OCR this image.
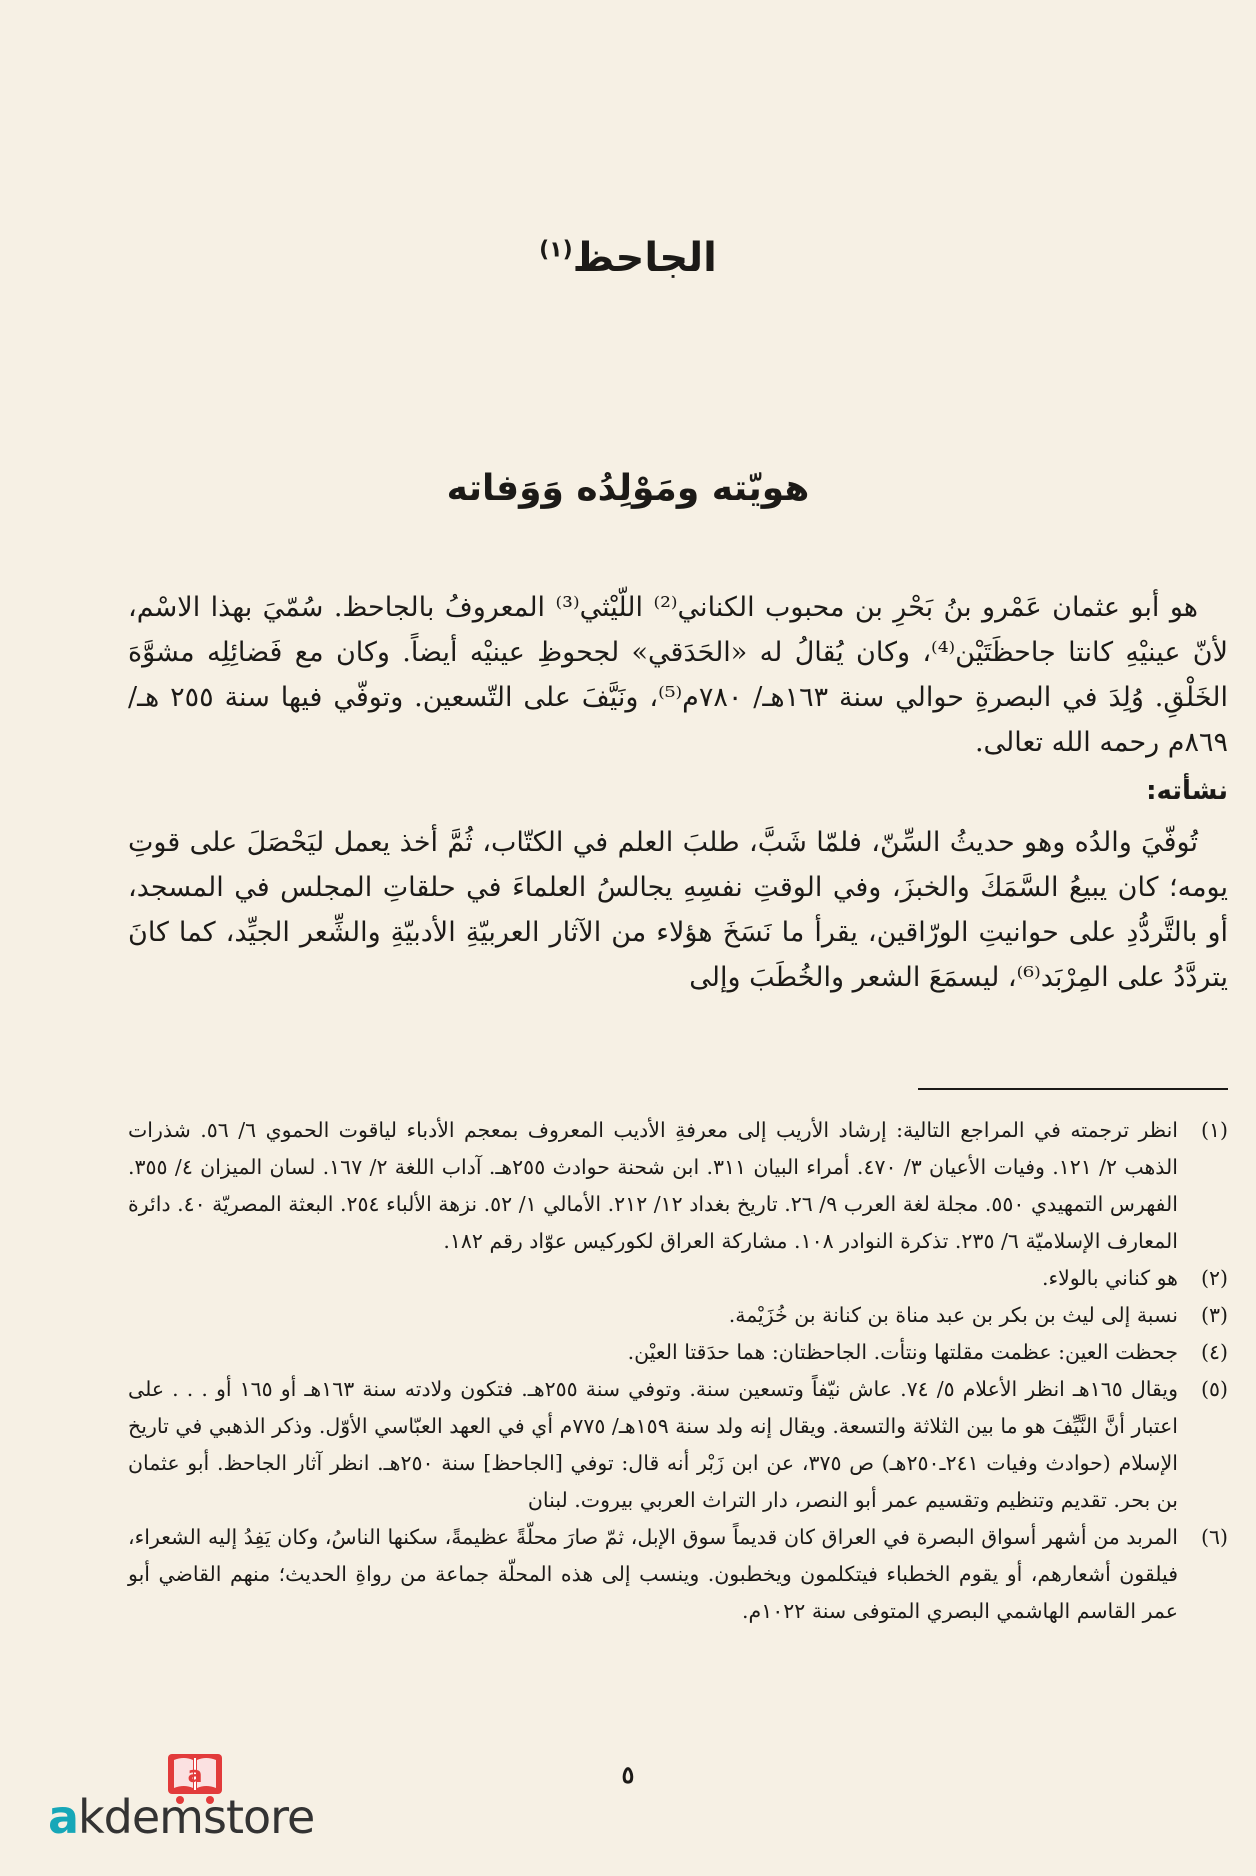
الجاحظ$^{(١)}$
هويّته ومَوْلِدُه وَوَفاته

هو أبو عثمان عَمْرو بنُ بَحْرِ بن محبوب الكناني⁽²⁾ اللّيْثي⁽³⁾ المعروفُ بالجاحظ. سُمّيَ بهذا الاسْم، لأنّ عينيْهِ كانتا جاحظَتَيْن⁽⁴⁾، وكان يُقالُ له «الحَدَقي» لجحوظِ عينيْه أيضاً. وكان مع فَضائِلِه مشوَّهَ الخَلْقِ. وُلِدَ في البصرةِ حوالي سنة ١٦٣هـ/ ٧٨٠م⁽⁵⁾، ونَيَّفَ على التّسعين. وتوفّي فيها سنة ٢٥٥ هـ/ ٨٦٩م رحمه الله تعالى.

نشأته:

تُوفّيَ والدُه وهو حديثُ السِّنّ، فلمّا شَبَّ، طلبَ العلم في الكتّاب، ثُمَّ أخذ يعمل ليَحْصَلَ على قوتِ يومه؛ كان يبيعُ السَّمَكَ والخبزَ، وفي الوقتِ نفسِهِ يجالسُ العلماءَ في حلقاتِ المجلس في المسجد، أو بالتَّردُّدِ على حوانيتِ الورّاقين، يقرأ ما نَسَخَ هؤلاء من الآثار العربيّةِ الأدبيّةِ والشِّعر الجيِّد، كما كانَ يتردَّدُ على المِرْبَد⁽⁶⁾، ليسمَعَ الشعر والخُطَبَ وإلى

(١)
انظر ترجمته في المراجع التالية: إرشاد الأريب إلى معرفةِ الأديب المعروف بمعجم الأدباء لياقوت الحموي ٦/ ٥٦. شذرات الذهب ٢/ ١٢١. وفيات الأعيان ٣/ ٤٧٠. أمراء البيان ٣١١. ابن شحنة حوادث ٢٥٥هـ. آداب اللغة ٢/ ١٦٧. لسان الميزان ٤/ ٣٥٥. الفهرس التمهيدي ٥٥٠. مجلة لغة العرب ٩/ ٢٦. تاريخ بغداد ١٢/ ٢١٢. الأمالي ١/ ٥٢. نزهة الألباء ٢٥٤. البعثة المصريّة ٤٠. دائرة المعارف الإسلاميّة ٦/ ٢٣٥. تذكرة النوادر ١٠٨. مشاركة العراق لكوركيس عوّاد رقم ١٨٢.
(٢)
هو كناني بالولاء.
(٣)
نسبة إلى ليث بن بكر بن عبد مناة بن كنانة بن خُزَيْمة.
(٤)
جحظت العين: عظمت مقلتها ونتأت. الجاحظتان: هما حدَقتا العيْن.
(٥)
ويقال ١٦٥هـ انظر الأعلام ٥/ ٧٤. عاش نيّفاً وتسعين سنة. وتوفي سنة ٢٥٥هـ. فتكون ولادته سنة ١٦٣هـ أو ١٦٥ أو . . . على اعتبار أنَّ النَّيِّفَ هو ما بين الثلاثة والتسعة. ويقال إنه ولد سنة ١٥٩هـ/ ٧٧٥م أي في العهد العبّاسي الأوّل. وذكر الذهبي في تاريخ الإسلام (حوادث وفيات ٢٤١ـ٢٥٠هـ) ص ٣٧٥، عن ابن زَبْر أنه قال: توفي [الجاحظ] سنة ٢٥٠هـ. انظر آثار الجاحظ. أبو عثمان بن بحر. تقديم وتنظيم وتقسيم عمر أبو النصر، دار التراث العربي بيروت. لبنان
(٦)
المربد من أشهر أسواق البصرة في العراق كان قديماً سوق الإبل، ثمّ صارَ محلّةً عظيمةً، سكنها الناسُ، وكان يَفِدُ إليه الشعراء، فيلقون أشعارهم، أو يقوم الخطباء فيتكلمون ويخطبون. وينسب إلى هذه المحلّة جماعة من رواةِ الحديث؛ منهم القاضي أبو عمر القاسم الهاشمي البصري المتوفى سنة ١٠٢٢م.
٥
a
akdemstore
